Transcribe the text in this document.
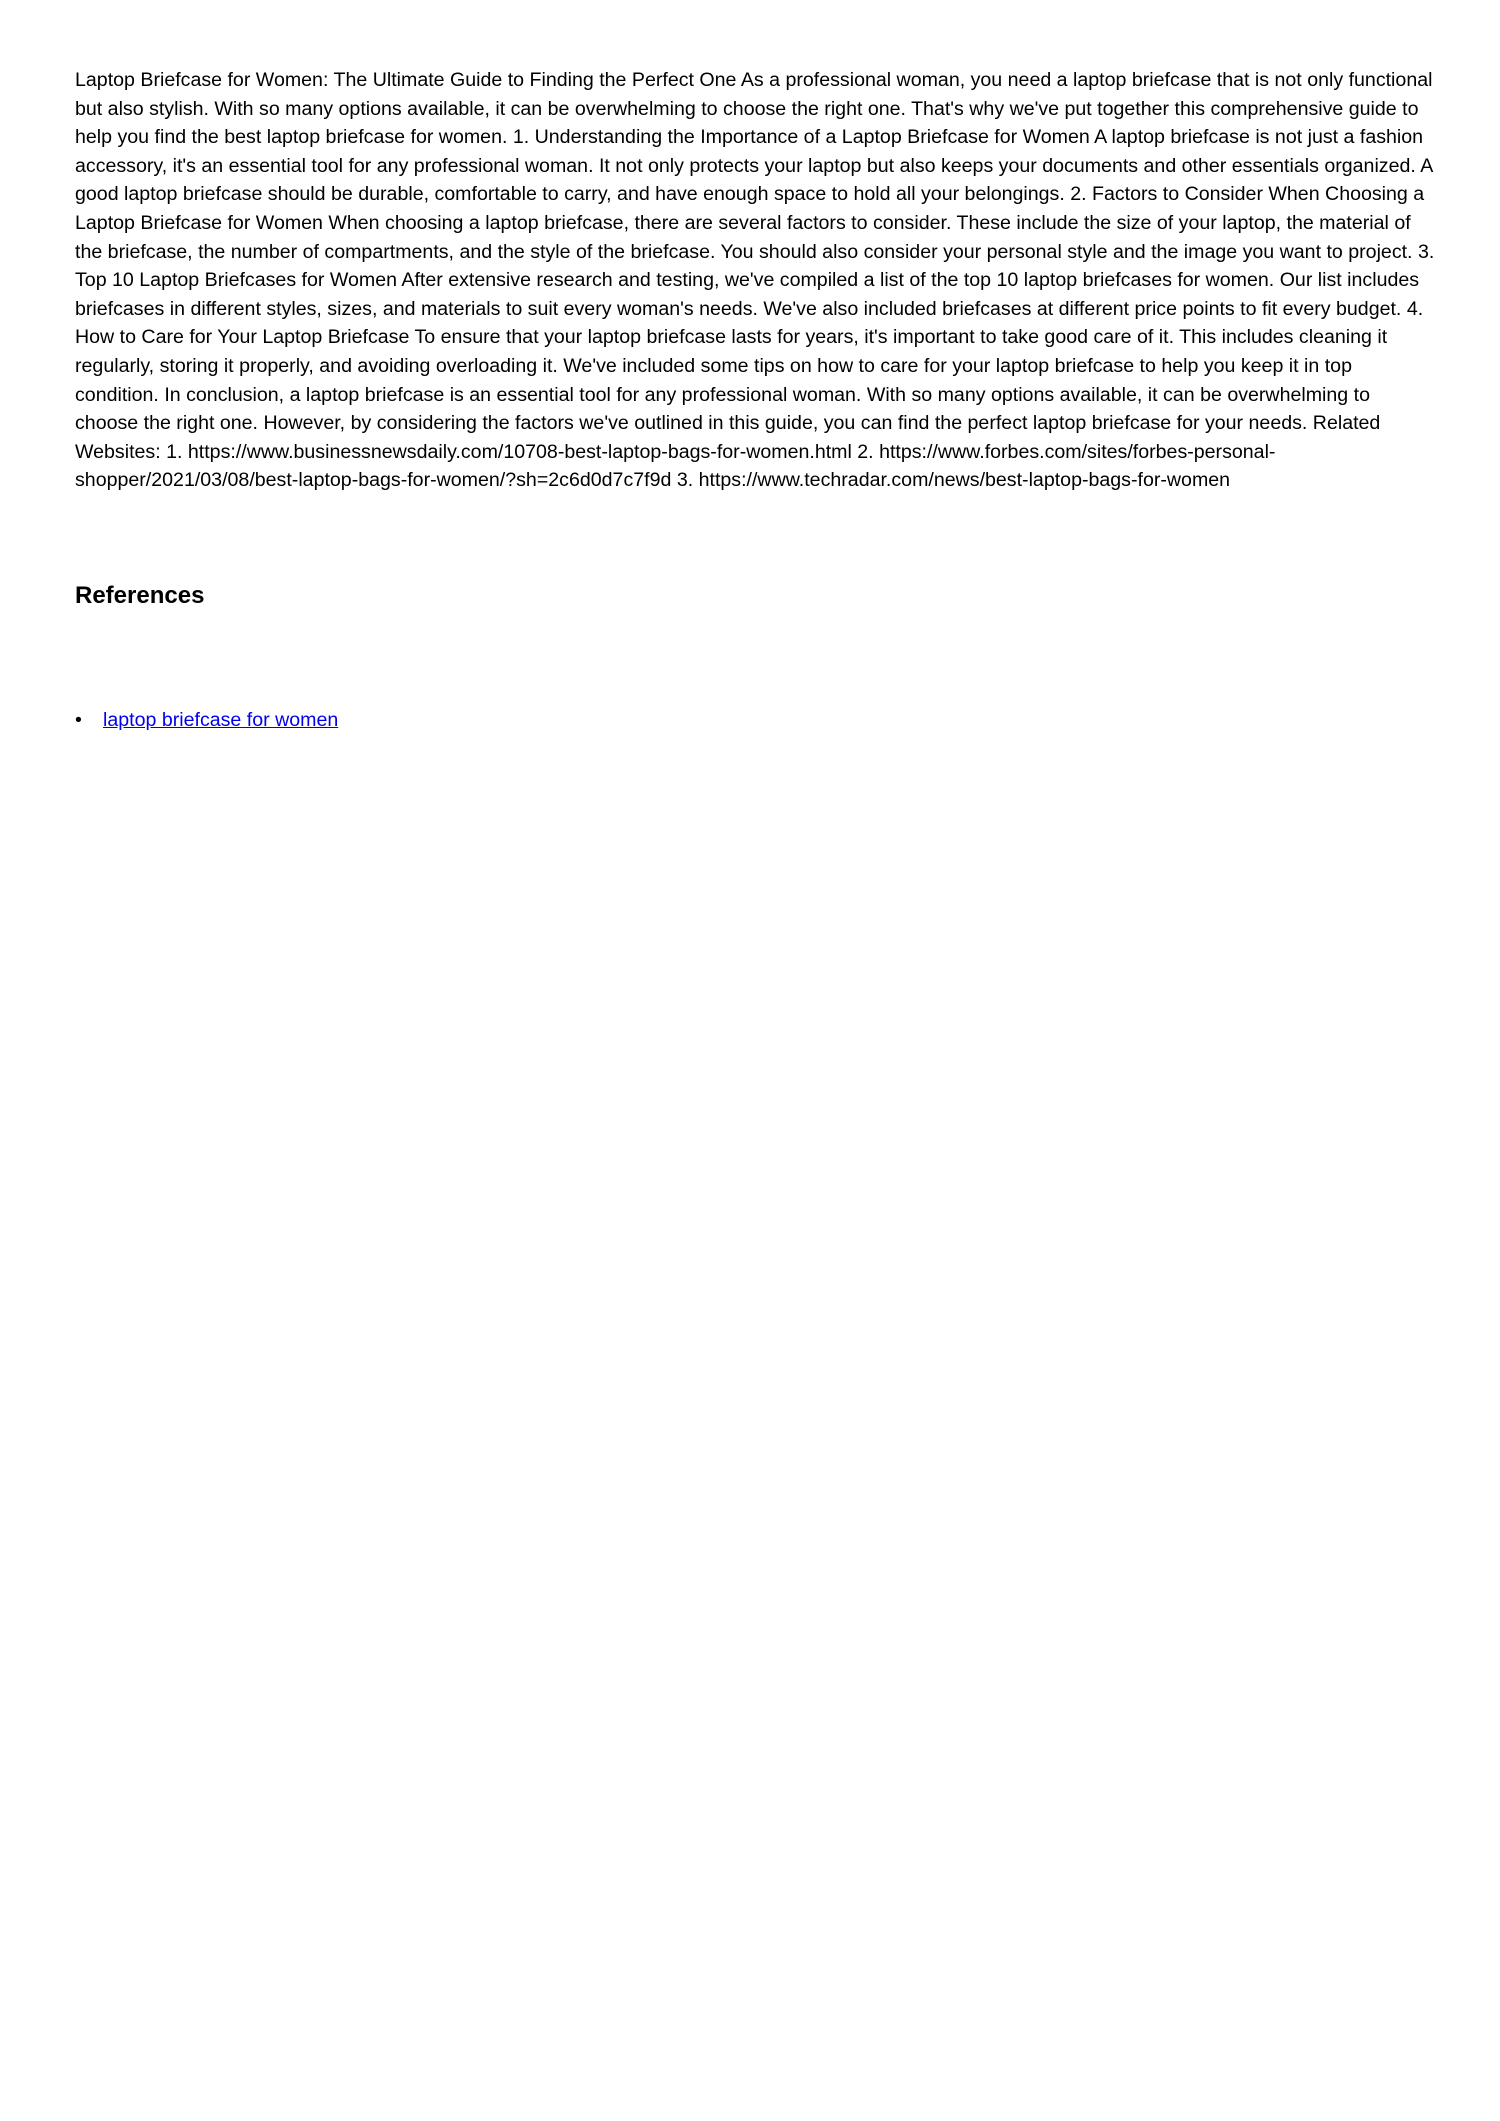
Laptop Briefcase for Women: The Ultimate Guide to Finding the Perfect One As a professional woman, you need a laptop briefcase that is not only functional but also stylish. With so many options available, it can be overwhelming to choose the right one. That's why we've put together this comprehensive guide to help you find the best laptop briefcase for women. 1. Understanding the Importance of a Laptop Briefcase for Women A laptop briefcase is not just a fashion accessory, it's an essential tool for any professional woman. It not only protects your laptop but also keeps your documents and other essentials organized. A good laptop briefcase should be durable, comfortable to carry, and have enough space to hold all your belongings. 2. Factors to Consider When Choosing a Laptop Briefcase for Women When choosing a laptop briefcase, there are several factors to consider. These include the size of your laptop, the material of the briefcase, the number of compartments, and the style of the briefcase. You should also consider your personal style and the image you want to project. 3. Top 10 Laptop Briefcases for Women After extensive research and testing, we've compiled a list of the top 10 laptop briefcases for women. Our list includes briefcases in different styles, sizes, and materials to suit every woman's needs. We've also included briefcases at different price points to fit every budget. 4. How to Care for Your Laptop Briefcase To ensure that your laptop briefcase lasts for years, it's important to take good care of it. This includes cleaning it regularly, storing it properly, and avoiding overloading it. We've included some tips on how to care for your laptop briefcase to help you keep it in top condition. In conclusion, a laptop briefcase is an essential tool for any professional woman. With so many options available, it can be overwhelming to choose the right one. However, by considering the factors we've outlined in this guide, you can find the perfect laptop briefcase for your needs. Related Websites: 1. https://www.businessnewsdaily.com/10708-best-laptop-bags-for-women.html 2. https://www.forbes.com/sites/forbes-personal-shopper/2021/03/08/best-laptop-bags-for-women/?sh=2c6d0d7c7f9d 3. https://www.techradar.com/news/best-laptop-bags-for-women

References
• laptop briefcase for women
